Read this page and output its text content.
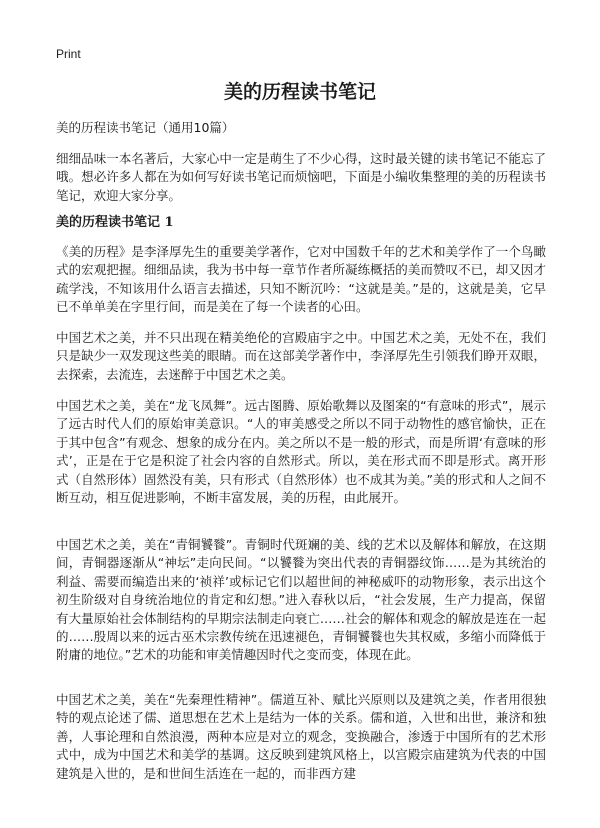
Print
美的历程读书笔记

美的历程读书笔记（通用10篇）

细细品味一本名著后，大家心中一定是萌生了不少心得，这时最关键的读书笔记不能忘了哦。想必许多人都在为如何写好读书笔记而烦恼吧，下面是小编收集整理的美的历程读书笔记，欢迎大家分享。

美的历程读书笔记 1

《美的历程》是李泽厚先生的重要美学著作，它对中国数千年的艺术和美学作了一个鸟瞰式的宏观把握。细细品读，我为书中每一章节作者所凝练概括的美而赞叹不已，却又因才疏学浅，不知该用什么语言去描述，只知不断沉吟：“这就是美。”是的，这就是美，它早已不单单美在字里行间，而是美在了每一个读者的心田。

中国艺术之美，并不只出现在精美绝伦的宫殿庙宇之中。中国艺术之美，无处不在，我们只是缺少一双发现这些美的眼睛。而在这部美学著作中，李泽厚先生引领我们睁开双眼，去探索，去流连，去迷醉于中国艺术之美。

中国艺术之美，美在“龙飞凤舞”。远古图腾、原始歌舞以及图案的“有意味的形式”，展示了远古时代人们的原始审美意识。“人的审美感受之所以不同于动物性的感官愉快，正在于其中包含”有观念、想象的成分在内。美之所以不是一般的形式，而是所谓‘有意味的形式’，正是在于它是积淀了社会内容的自然形式。所以，美在形式而不即是形式。离开形式（自然形体）固然没有美，只有形式（自然形体）也不成其为美。”美的形式和人之间不断互动，相互促进影响，不断丰富发展，美的历程，由此展开。

中国艺术之美，美在“青铜饕餮”。青铜时代斑斓的美、线的艺术以及解体和解放，在这期间，青铜器逐渐从“神坛”走向民间。“以饕餮为突出代表的青铜器纹饰……是为其统治的利益、需要而编造出来的‘祯祥’或标记它们以超世间的神秘威吓的动物形象，表示出这个初生阶级对自身统治地位的肯定和幻想。”进入春秋以后，“社会发展，生产力提高，保留有大量原始社会体制结构的早期宗法制走向衰亡……社会的解体和观念的解放是连在一起的……殷周以来的远古巫术宗教传统在迅速褪色，青铜饕餮也失其权威，多缩小而降低于附庸的地位。”艺术的功能和审美情趣因时代之变而变，体现在此。

中国艺术之美，美在“先秦理性精神”。儒道互补、赋比兴原则以及建筑之美，作者用很独特的观点论述了儒、道思想在艺术上是结为一体的关系。儒和道，入世和出世，兼济和独善，人事论理和自然浪漫，两种本应是对立的观念，变换融合，渗透于中国所有的艺术形式中，成为中国艺术和美学的基调。这反映到建筑风格上，以宫殿宗庙建筑为代表的中国建筑是入世的，是和世间生活连在一起的，而非西方建
